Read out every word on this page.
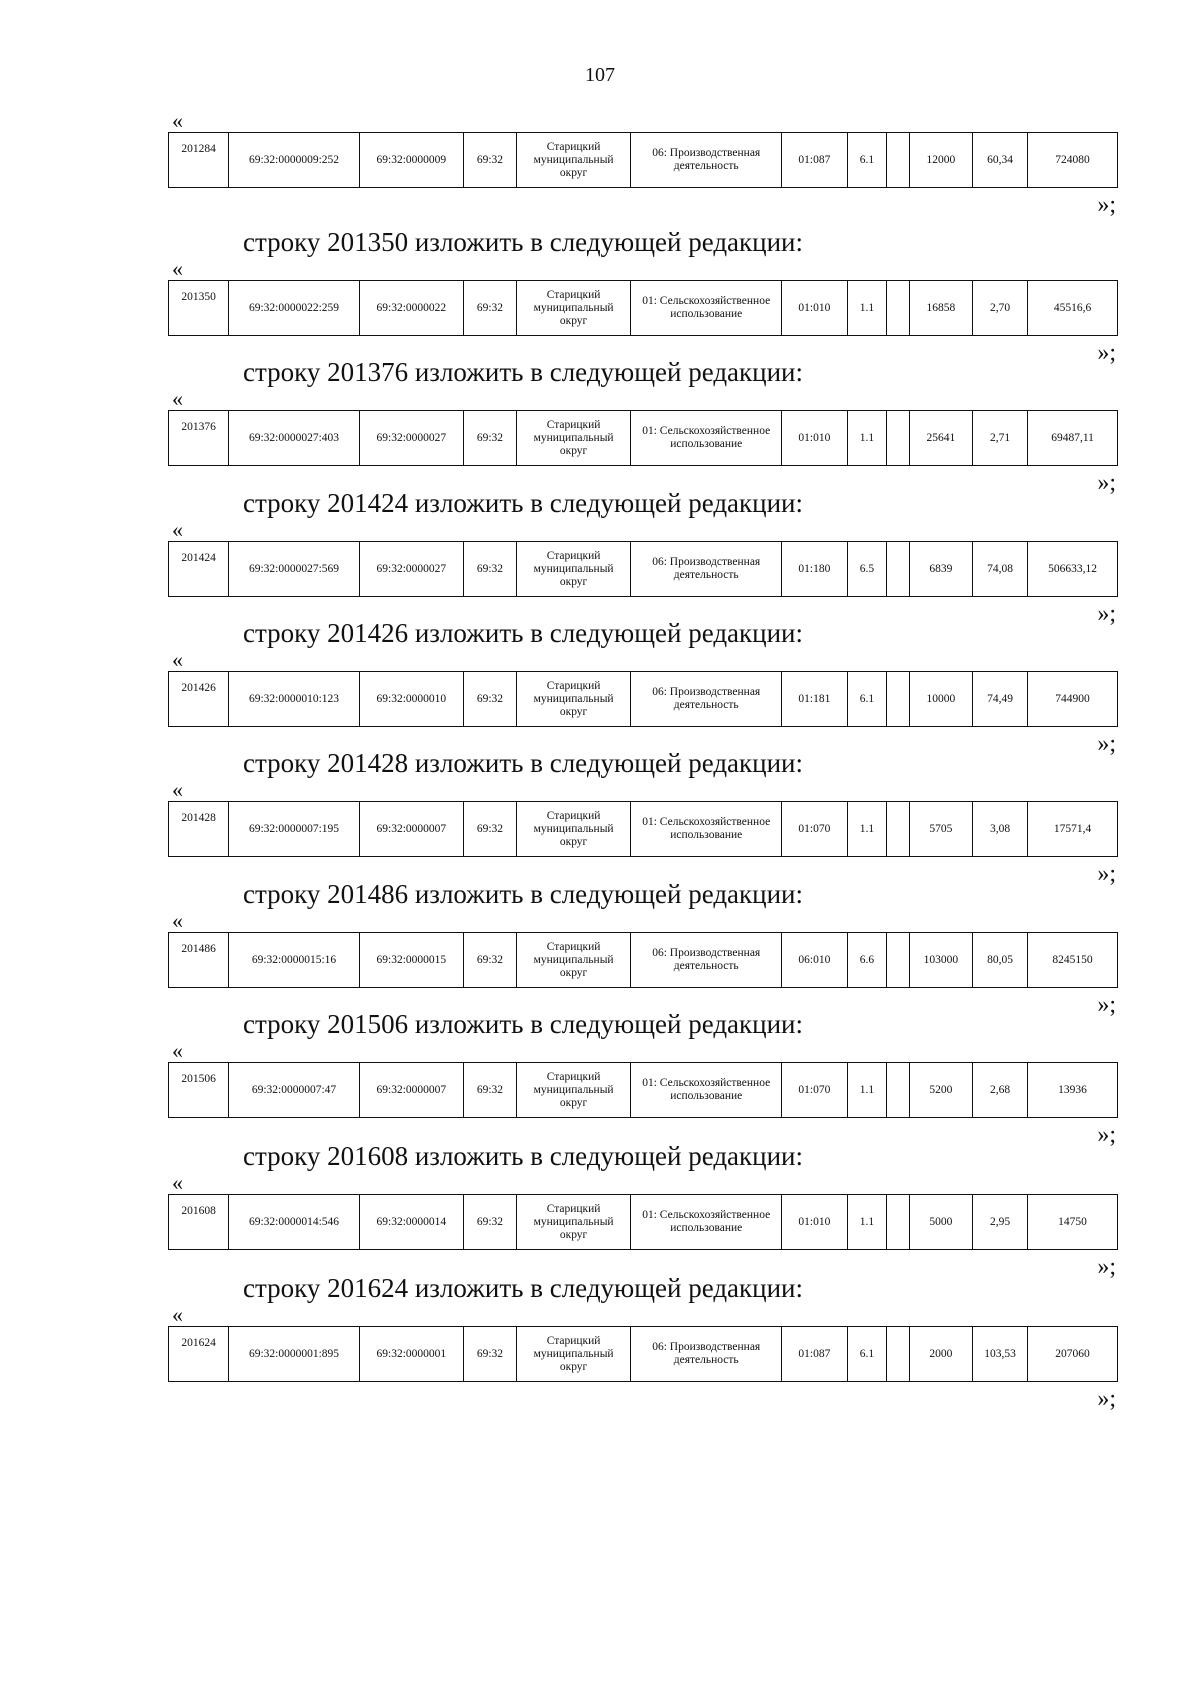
107
«
201284	69:32:0000009:252	69:32:0000009	69:32	Старицкий муниципальный округ	06: Производственная деятельность	01:087	6.1		12000	60,34	724080
»;
строку 201350 изложить в следующей редакции:
«
201350	69:32:0000022:259	69:32:0000022	69:32	Старицкий муниципальный округ	01: Сельскохозяйственное использование	01:010	1.1		16858	2,70	45516,6
»;
строку 201376 изложить в следующей редакции:
«
201376	69:32:0000027:403	69:32:0000027	69:32	Старицкий муниципальный округ	01: Сельскохозяйственное использование	01:010	1.1		25641	2,71	69487,11
»;
строку 201424 изложить в следующей редакции:
«
201424	69:32:0000027:569	69:32:0000027	69:32	Старицкий муниципальный округ	06: Производственная деятельность	01:180	6.5		6839	74,08	506633,12
»;
строку 201426 изложить в следующей редакции:
«
201426	69:32:0000010:123	69:32:0000010	69:32	Старицкий муниципальный округ	06: Производственная деятельность	01:181	6.1		10000	74,49	744900
»;
строку 201428 изложить в следующей редакции:
«
201428	69:32:0000007:195	69:32:0000007	69:32	Старицкий муниципальный округ	01: Сельскохозяйственное использование	01:070	1.1		5705	3,08	17571,4
»;
строку 201486 изложить в следующей редакции:
«
201486	69:32:0000015:16	69:32:0000015	69:32	Старицкий муниципальный округ	06: Производственная деятельность	06:010	6.6		103000	80,05	8245150
»;
строку 201506 изложить в следующей редакции:
«
201506	69:32:0000007:47	69:32:0000007	69:32	Старицкий муниципальный округ	01: Сельскохозяйственное использование	01:070	1.1		5200	2,68	13936
»;
строку 201608 изложить в следующей редакции:
«
201608	69:32:0000014:546	69:32:0000014	69:32	Старицкий муниципальный округ	01: Сельскохозяйственное использование	01:010	1.1		5000	2,95	14750
»;
строку 201624 изложить в следующей редакции:
«
201624	69:32:0000001:895	69:32:0000001	69:32	Старицкий муниципальный округ	06: Производственная деятельность	01:087	6.1		2000	103,53	207060
»;
